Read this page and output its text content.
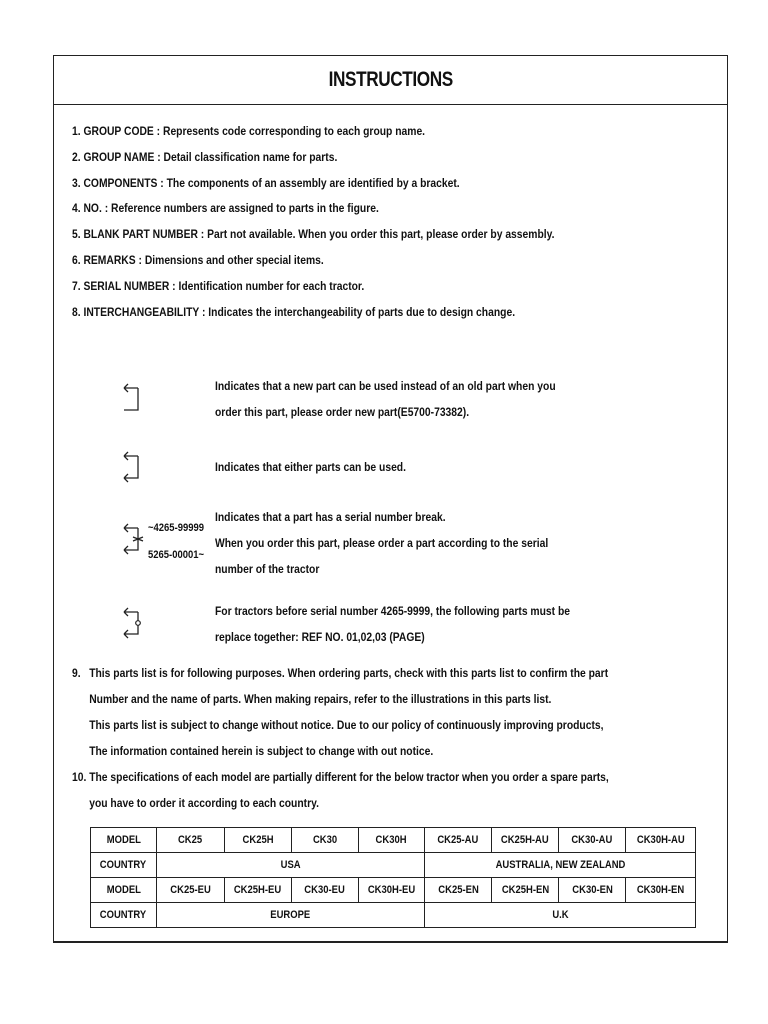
INSTRUCTIONS
1. GROUP CODE : Represents code corresponding to each group name.
2. GROUP NAME : Detail classification name for parts.
3. COMPONENTS : The components of an assembly are identified by a bracket.
4. NO. : Reference numbers are assigned to parts in the figure.
5. BLANK PART NUMBER : Part not available. When you order this part, please order by assembly.
6. REMARKS : Dimensions and other special items.
7. SERIAL NUMBER : Identification number for each tractor.
8. INTERCHANGEABILITY : Indicates the interchangeability of parts due to design change.
Indicates that a new part can be used instead of an old part when you
order this part, please order new part(E5700-73382).
Indicates that either parts can be used.
~4265-99999
5265-00001~
Indicates that a part has a serial number break.
When you order this part, please order a part according to the serial
number of the tractor
For tractors before serial number 4265-9999, the following parts must be
replace together: REF NO. 01,02,03 (PAGE)
9. This parts list is for following purposes. When ordering parts, check with this parts list to confirm the part
Number and the name of parts. When making repairs, refer to the illustrations in this parts list.
This parts list is subject to change without notice. Due to our policy of continuously improving products,
The information contained herein is subject to change with out notice.
10. The specifications of each model are partially different for the below tractor when you order a spare parts,
you have to order it according to each country.
MODEL	CK25	CK25H	CK30	CK30H	CK25-AU	CK25H-AU	CK30-AU	CK30H-AU
COUNTRY	USA				AUSTRALIA, NEW ZEALAND			
MODEL	CK25-EU	CK25H-EU	CK30-EU	CK30H-EU	CK25-EN	CK25H-EN	CK30-EN	CK30H-EN
COUNTRY	EUROPE				U.K			
